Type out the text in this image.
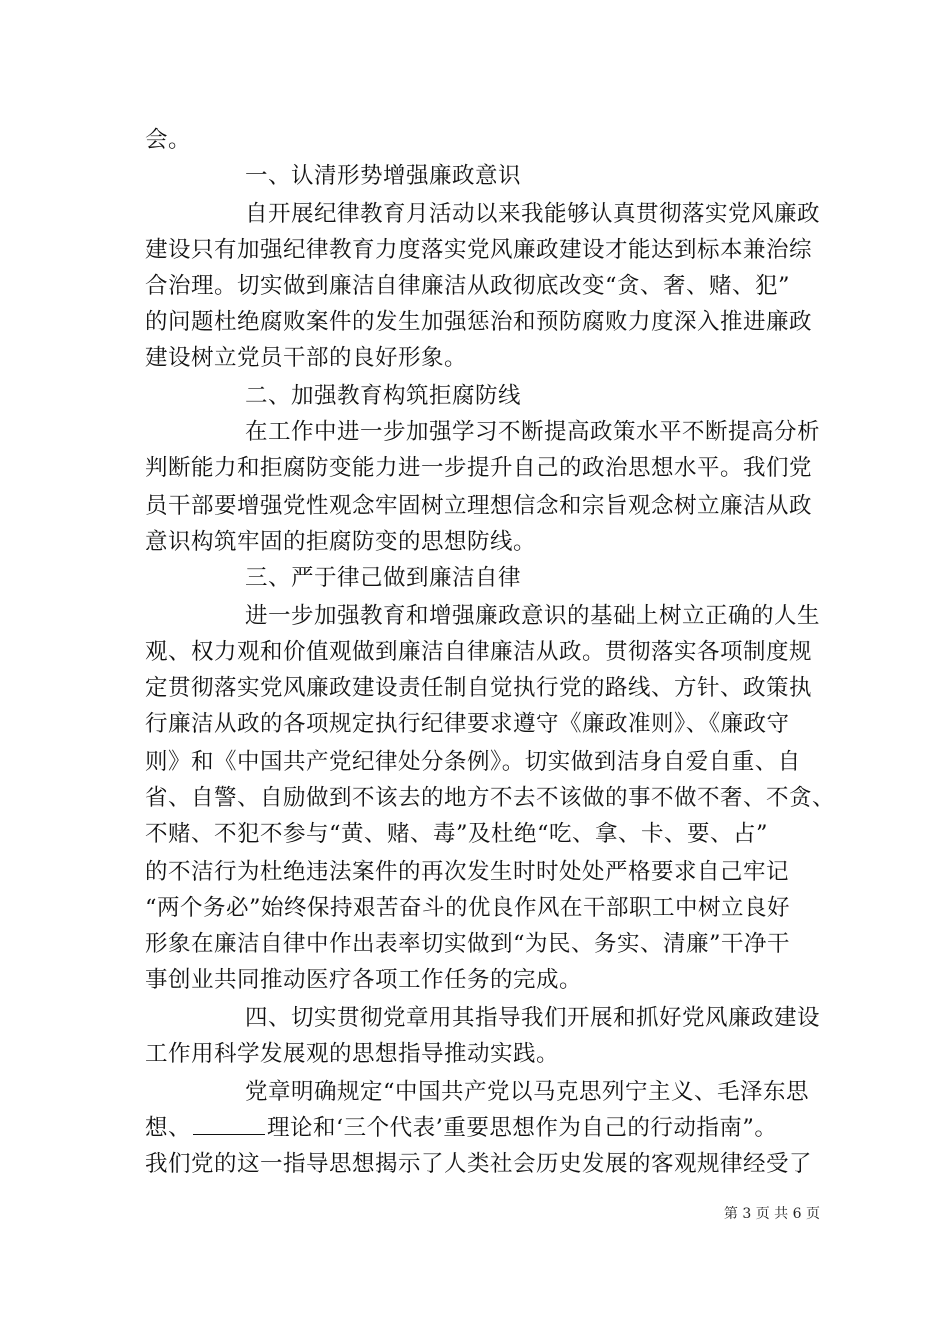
会。
一、认清形势增强廉政意识
自开展纪律教育月活动以来我能够认真贯彻落实党风廉政
建设只有加强纪律教育力度落实党风廉政建设才能达到标本兼治综
合治理。切实做到廉洁自律廉洁从政彻底改变“贪、奢、赌、犯”
的问题杜绝腐败案件的发生加强惩治和预防腐败力度深入推进廉政
建设树立党员干部的良好形象。
二、加强教育构筑拒腐防线
在工作中进一步加强学习不断提高政策水平不断提高分析
判断能力和拒腐防变能力进一步提升自己的政治思想水平。我们党
员干部要增强党性观念牢固树立理想信念和宗旨观念树立廉洁从政
意识构筑牢固的拒腐防变的思想防线。
三、严于律己做到廉洁自律
进一步加强教育和增强廉政意识的基础上树立正确的人生
观、权力观和价值观做到廉洁自律廉洁从政。贯彻落实各项制度规
定贯彻落实党风廉政建设责任制自觉执行党的路线、方针、政策执
行廉洁从政的各项规定执行纪律要求遵守《廉政准则》、《廉政守
则》和《中国共产党纪律处分条例》。切实做到洁身自爱自重、自
省、自警、自励做到不该去的地方不去不该做的事不做不奢、不贪、
不赌、不犯不参与“黄、赌、毒”及杜绝“吃、拿、卡、要、占”
的不洁行为杜绝违法案件的再次发生时时处处严格要求自己牢记
“两个务必”始终保持艰苦奋斗的优良作风在干部职工中树立良好
形象在廉洁自律中作出表率切实做到“为民、务实、清廉”干净干
事创业共同推动医疗各项工作任务的完成。
四、切实贯彻党章用其指导我们开展和抓好党风廉政建设
工作用科学发展观的思想指导推动实践。
党章明确规定“中国共产党以马克思列宁主义、毛泽东思
想、	理论和‘三个代表’重要思想作为自己的行动指南”。
我们党的这一指导思想揭示了人类社会历史发展的客观规律经受了
第 3 页 共 6 页
